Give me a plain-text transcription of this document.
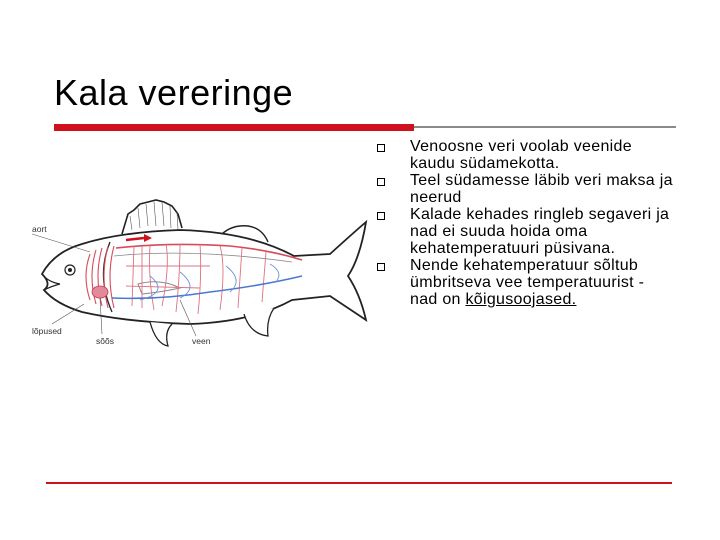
Kala vereringe
aort
lõpused
sõõs	veen
Venoosne veri voolab veenide kaudu südamekotta.
Teel südamesse läbib veri maksa ja neerud
Kalade kehades ringleb segaveri ja nad ei suuda hoida oma kehatemperatuuri püsivana.
Nende kehatemperatuur sõltub ümbritseva vee temperatuurist - nad on kõigusoojased.
